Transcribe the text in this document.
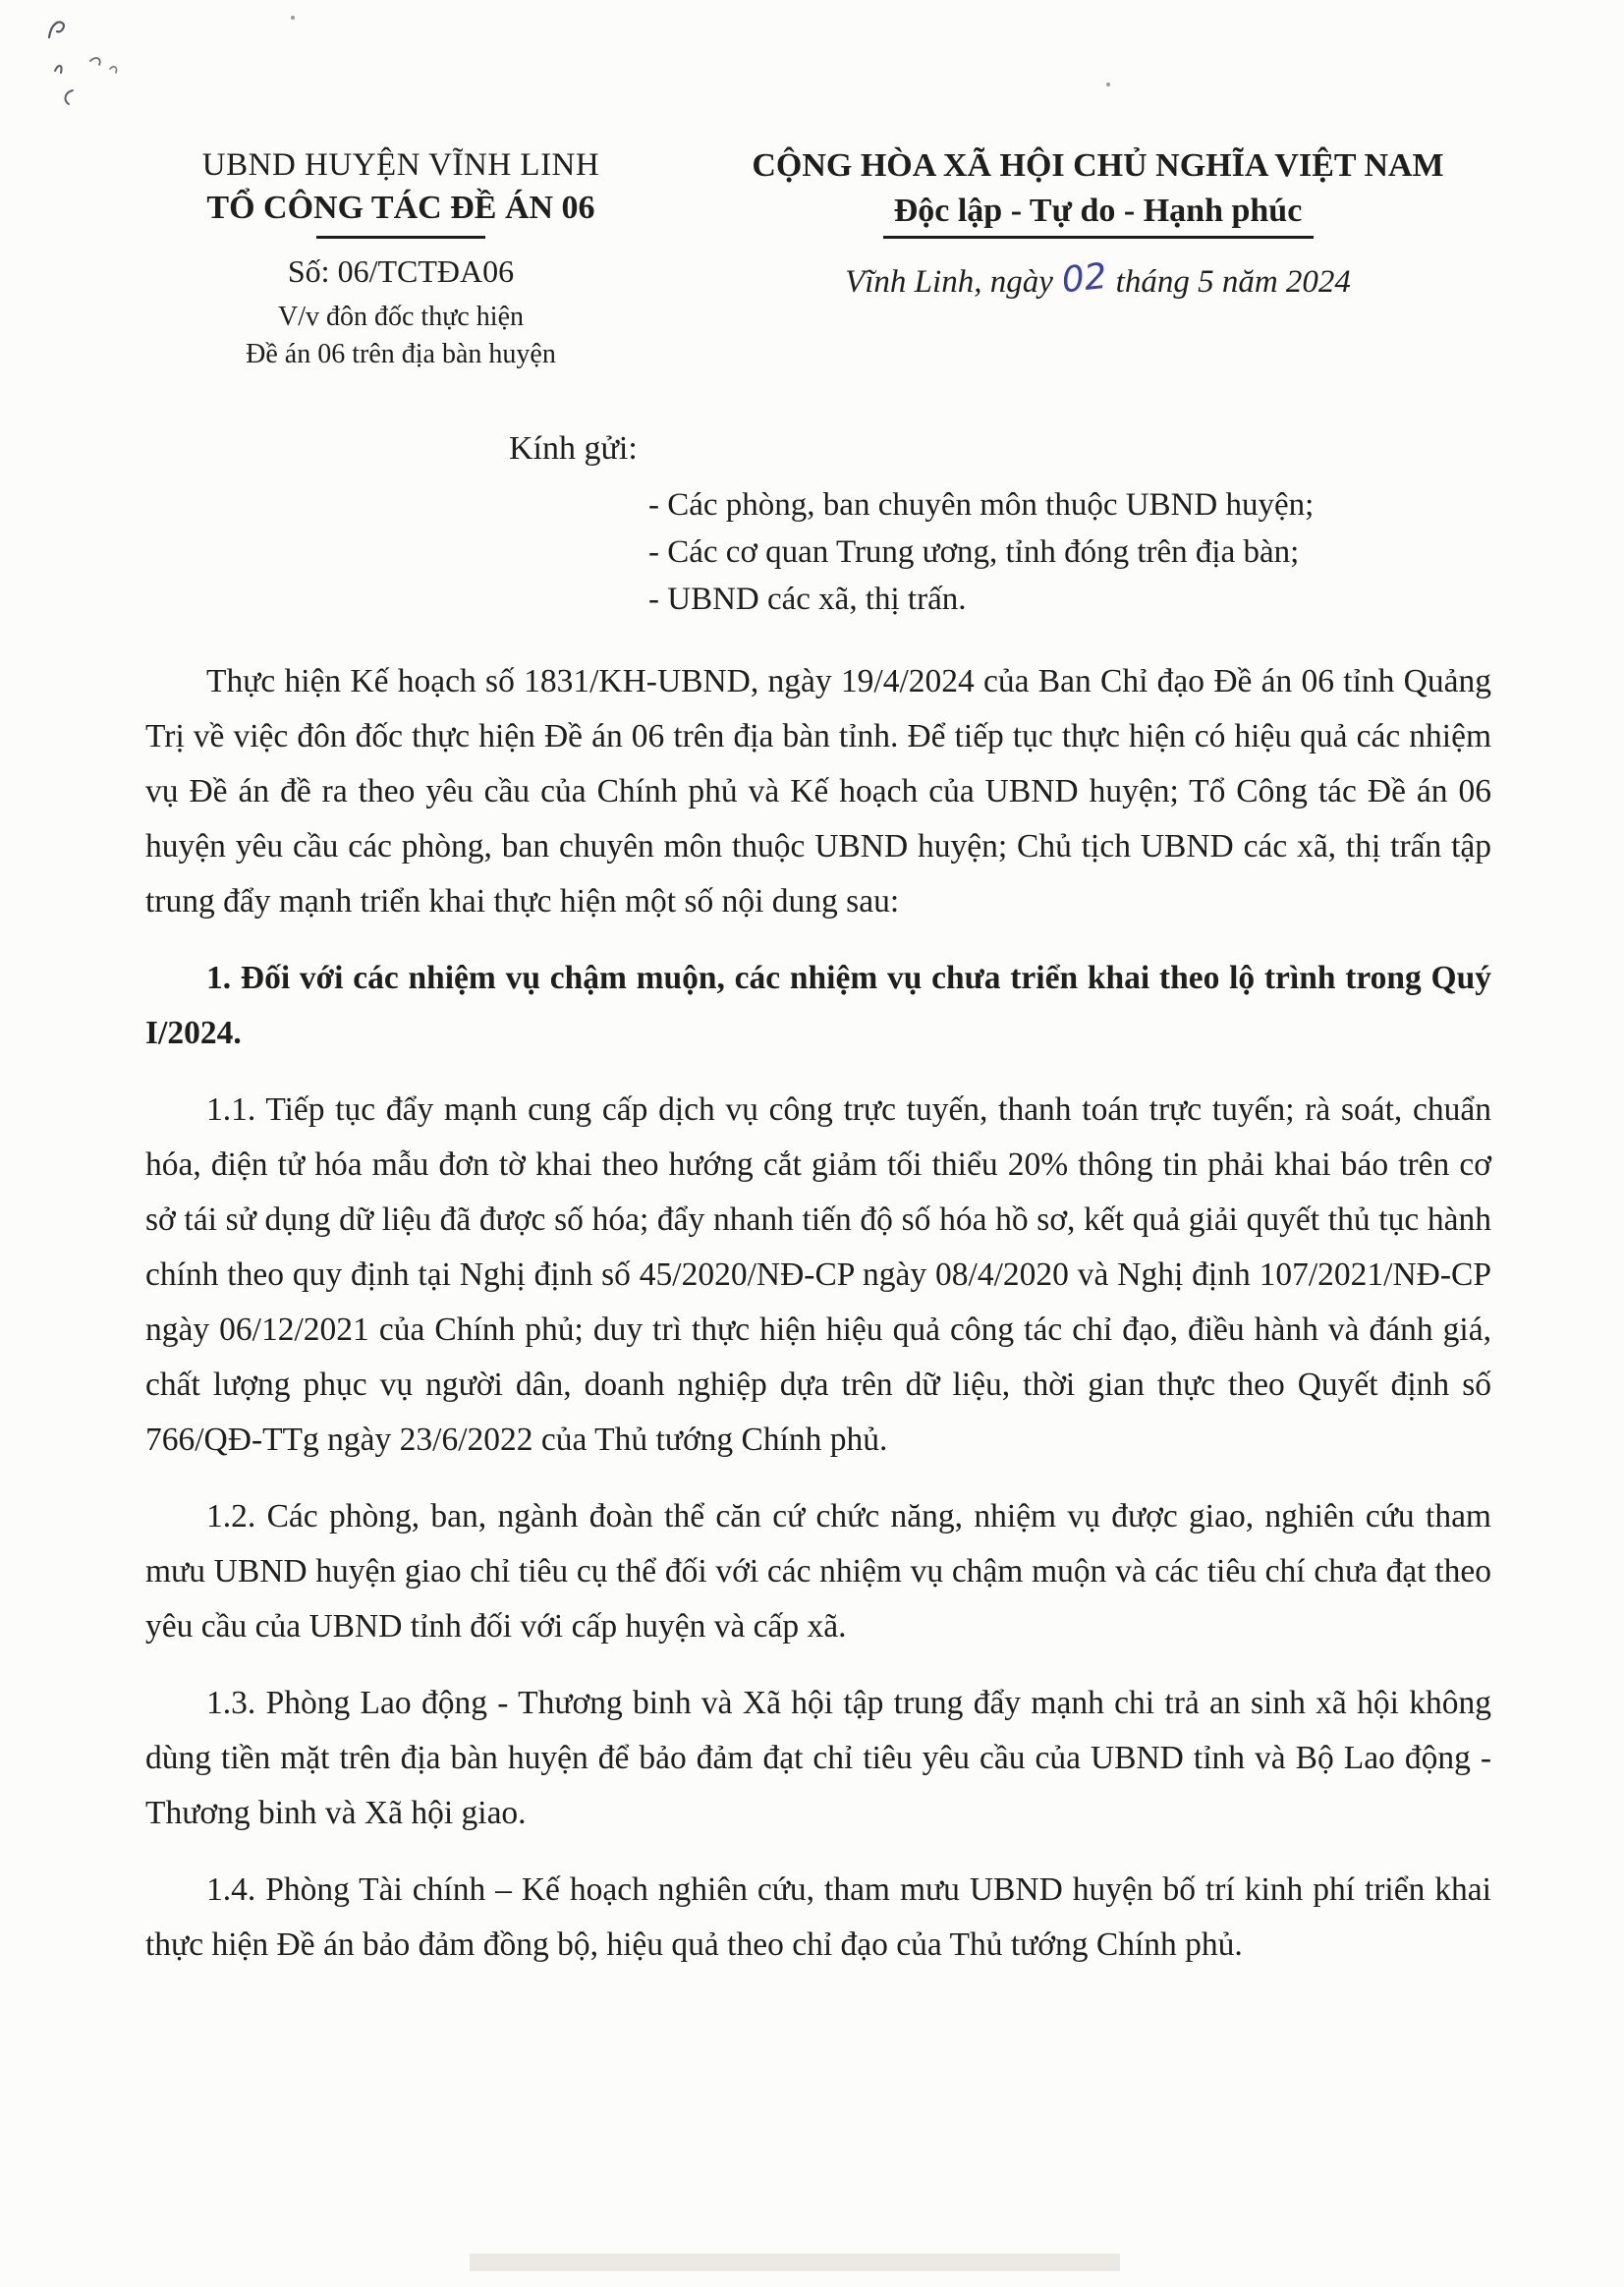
UBND HUYỆN VĨNH LINH
TỔ CÔNG TÁC ĐỀ ÁN 06
Số: 06/TCTĐA06
V/v đôn đốc thực hiện
Đề án 06 trên địa bàn huyện
CỘNG HÒA XÃ HỘI CHỦ NGHĨA VIỆT NAM
Độc lập - Tự do - Hạnh phúc
Vĩnh Linh, ngày 02 tháng 5 năm 2024
Kính gửi:
- Các phòng, ban chuyên môn thuộc UBND huyện;
- Các cơ quan Trung ương, tỉnh đóng trên địa bàn;
- UBND các xã, thị trấn.

Thực hiện Kế hoạch số 1831/KH-UBND, ngày 19/4/2024 của Ban Chỉ đạo Đề án 06 tỉnh Quảng Trị về việc đôn đốc thực hiện Đề án 06 trên địa bàn tỉnh. Để tiếp tục thực hiện có hiệu quả các nhiệm vụ Đề án đề ra theo yêu cầu của Chính phủ và Kế hoạch của UBND huyện; Tổ Công tác Đề án 06 huyện yêu cầu các phòng, ban chuyên môn thuộc UBND huyện; Chủ tịch UBND các xã, thị trấn tập trung đẩy mạnh triển khai thực hiện một số nội dung sau:

1. Đối với các nhiệm vụ chậm muộn, các nhiệm vụ chưa triển khai theo lộ trình trong Quý I/2024.

1.1. Tiếp tục đẩy mạnh cung cấp dịch vụ công trực tuyến, thanh toán trực tuyến; rà soát, chuẩn hóa, điện tử hóa mẫu đơn tờ khai theo hướng cắt giảm tối thiểu 20% thông tin phải khai báo trên cơ sở tái sử dụng dữ liệu đã được số hóa; đẩy nhanh tiến độ số hóa hồ sơ, kết quả giải quyết thủ tục hành chính theo quy định tại Nghị định số 45/2020/NĐ-CP ngày 08/4/2020 và Nghị định 107/2021/NĐ-CP ngày 06/12/2021 của Chính phủ; duy trì thực hiện hiệu quả công tác chỉ đạo, điều hành và đánh giá, chất lượng phục vụ người dân, doanh nghiệp dựa trên dữ liệu, thời gian thực theo Quyết định số 766/QĐ-TTg ngày 23/6/2022 của Thủ tướng Chính phủ.

1.2. Các phòng, ban, ngành đoàn thể căn cứ chức năng, nhiệm vụ được giao, nghiên cứu tham mưu UBND huyện giao chỉ tiêu cụ thể đối với các nhiệm vụ chậm muộn và các tiêu chí chưa đạt theo yêu cầu của UBND tỉnh đối với cấp huyện và cấp xã.

1.3. Phòng Lao động - Thương binh và Xã hội tập trung đẩy mạnh chi trả an sinh xã hội không dùng tiền mặt trên địa bàn huyện để bảo đảm đạt chỉ tiêu yêu cầu của UBND tỉnh và Bộ Lao động - Thương binh và Xã hội giao.

1.4. Phòng Tài chính – Kế hoạch nghiên cứu, tham mưu UBND huyện bố trí kinh phí triển khai thực hiện Đề án bảo đảm đồng bộ, hiệu quả theo chỉ đạo của Thủ tướng Chính phủ.
